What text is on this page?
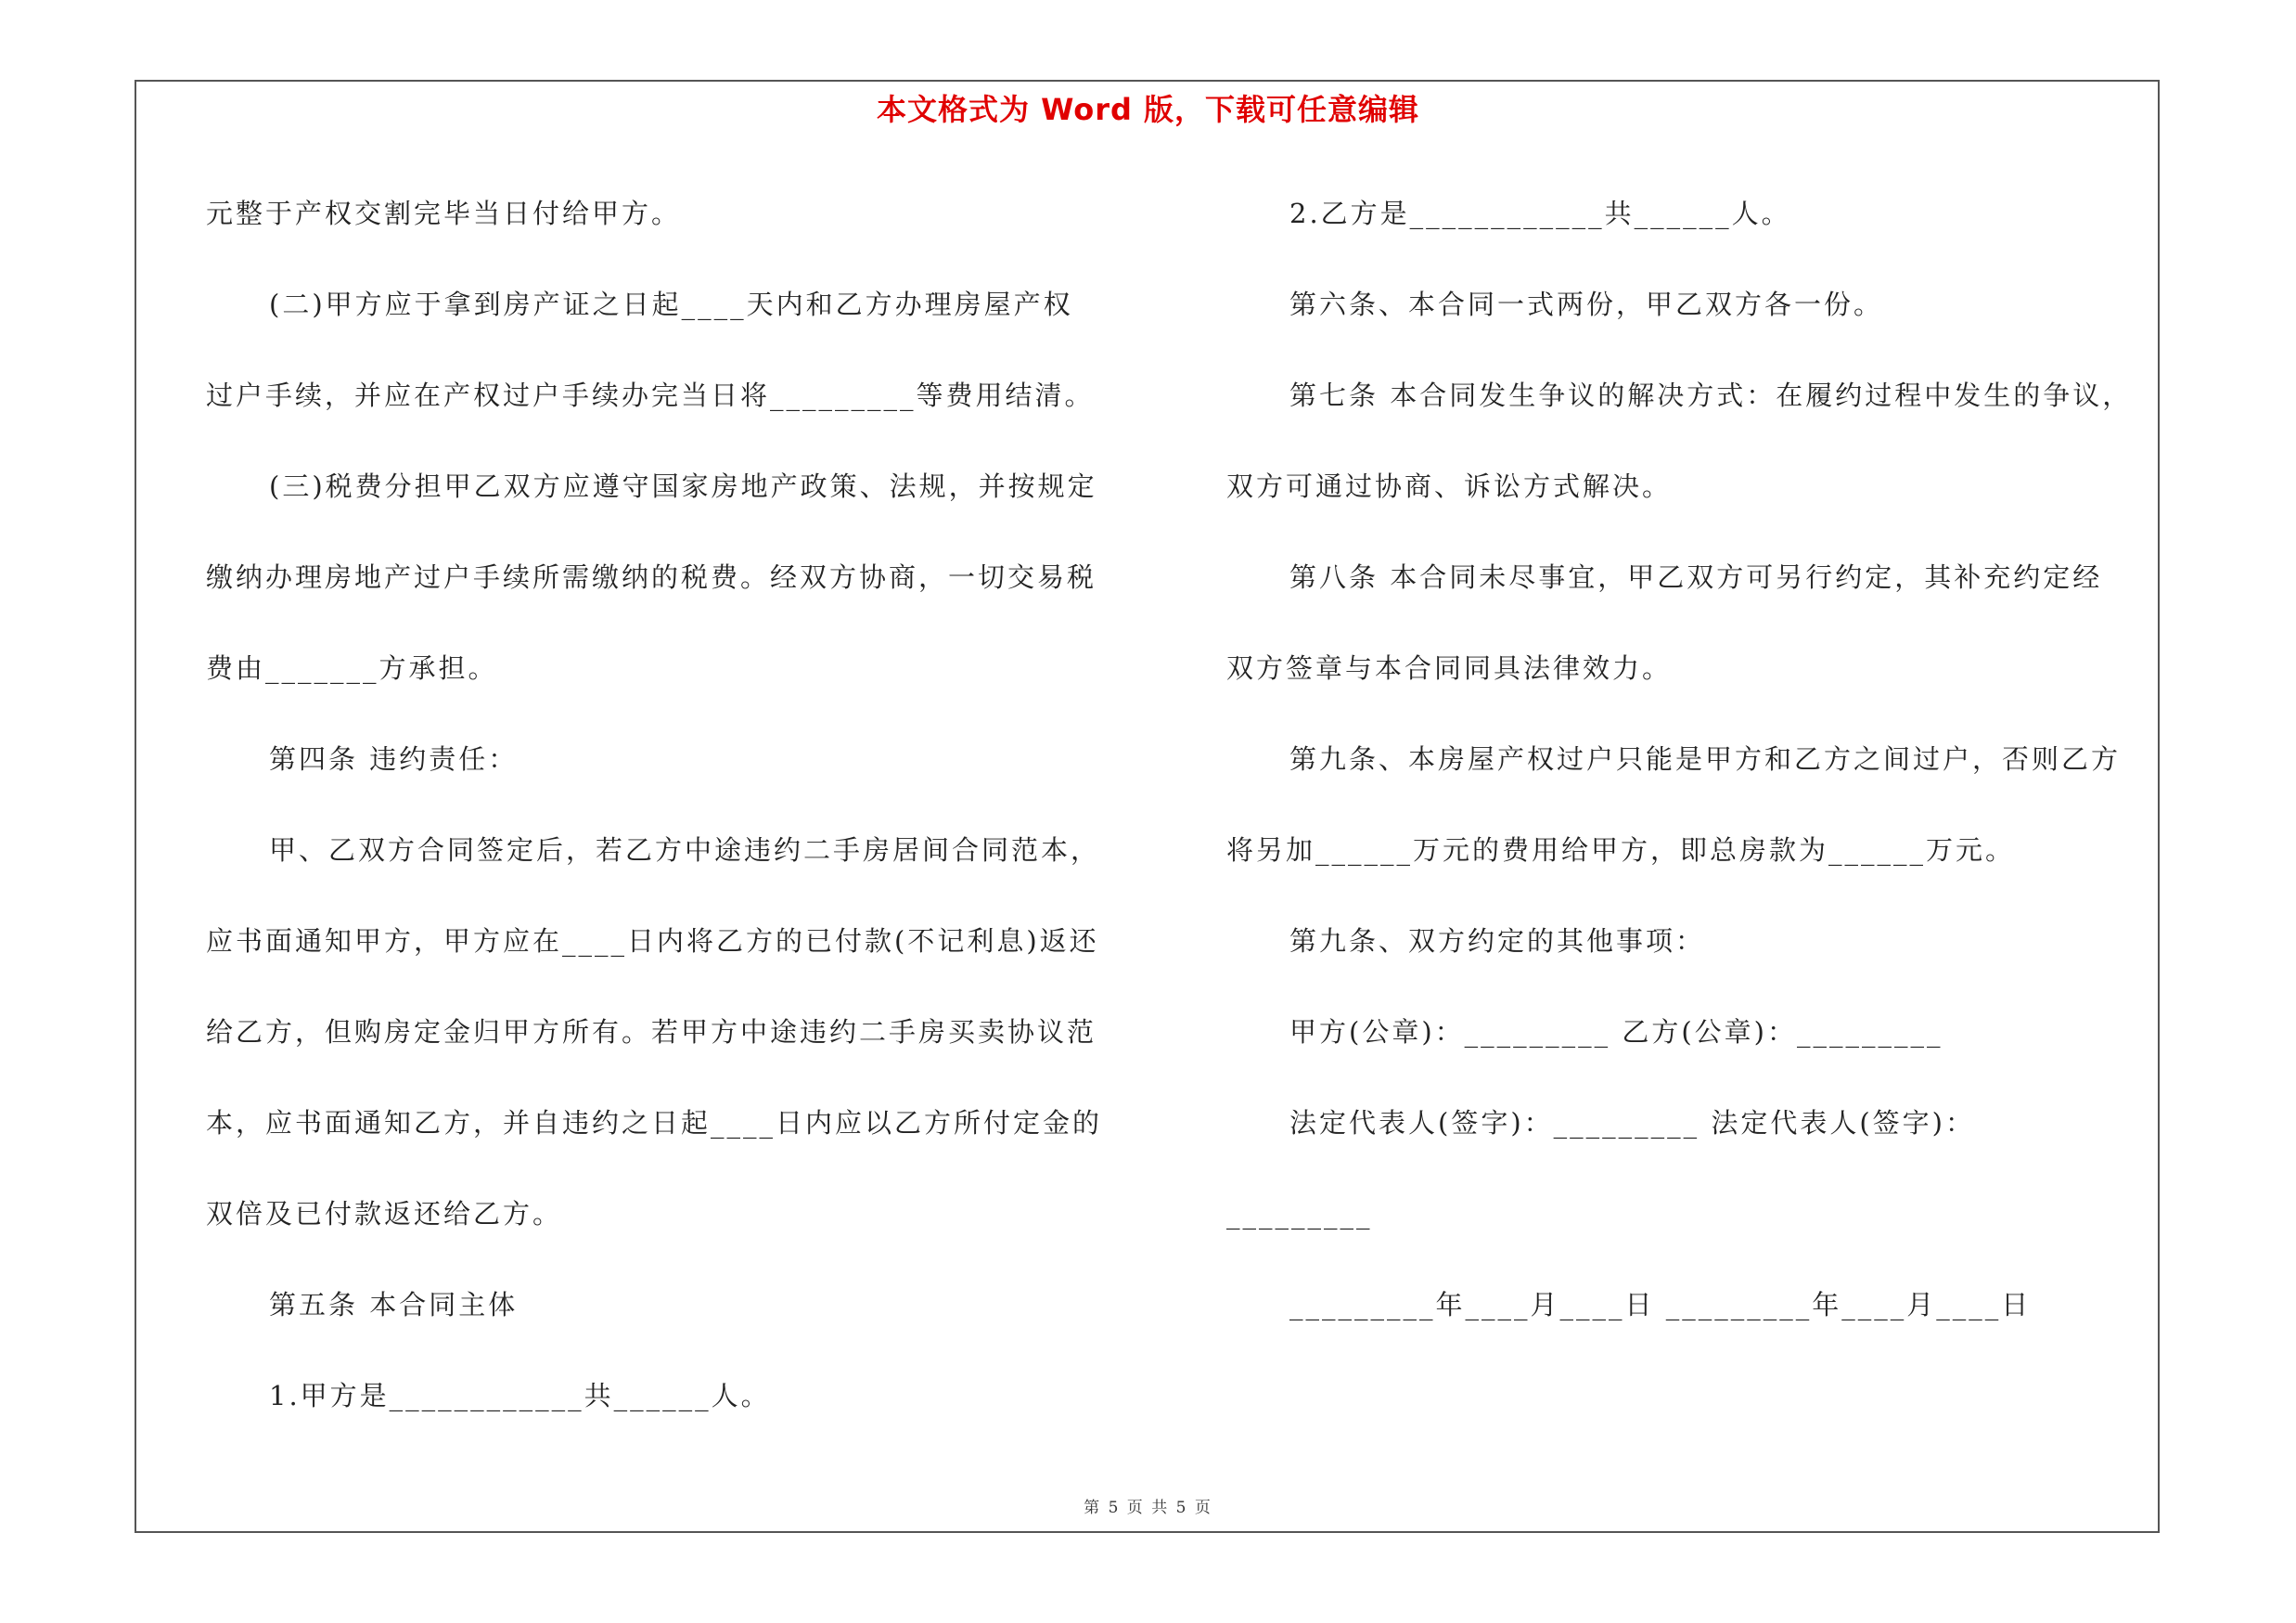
本文格式为 Word 版，下载可任意编辑
元整于产权交割完毕当日付给甲方。
(二)甲方应于拿到房产证之日起____天内和乙方办理房屋产权
过户手续，并应在产权过户手续办完当日将_________等费用结清。
(三)税费分担甲乙双方应遵守国家房地产政策、法规，并按规定
缴纳办理房地产过户手续所需缴纳的税费。经双方协商，一切交易税
费由_______方承担。
第四条 违约责任：
甲、乙双方合同签定后，若乙方中途违约二手房居间合同范本，
应书面通知甲方，甲方应在____日内将乙方的已付款(不记利息)返还
给乙方，但购房定金归甲方所有。若甲方中途违约二手房买卖协议范
本，应书面通知乙方，并自违约之日起____日内应以乙方所付定金的
双倍及已付款返还给乙方。
第五条 本合同主体
1.甲方是____________共______人。
2.乙方是____________共______人。
第六条、本合同一式两份，甲乙双方各一份。
第七条 本合同发生争议的解决方式：在履约过程中发生的争议，
双方可通过协商、诉讼方式解决。
第八条 本合同未尽事宜，甲乙双方可另行约定，其补充约定经
双方签章与本合同同具法律效力。
第九条、本房屋产权过户只能是甲方和乙方之间过户，否则乙方
将另加______万元的费用给甲方，即总房款为______万元。
第九条、双方约定的其他事项：
甲方(公章)：_________ 乙方(公章)：_________
法定代表人(签字)：_________ 法定代表人(签字)：
_________
_________年____月____日 _________年____月____日
第 5 页 共 5 页
